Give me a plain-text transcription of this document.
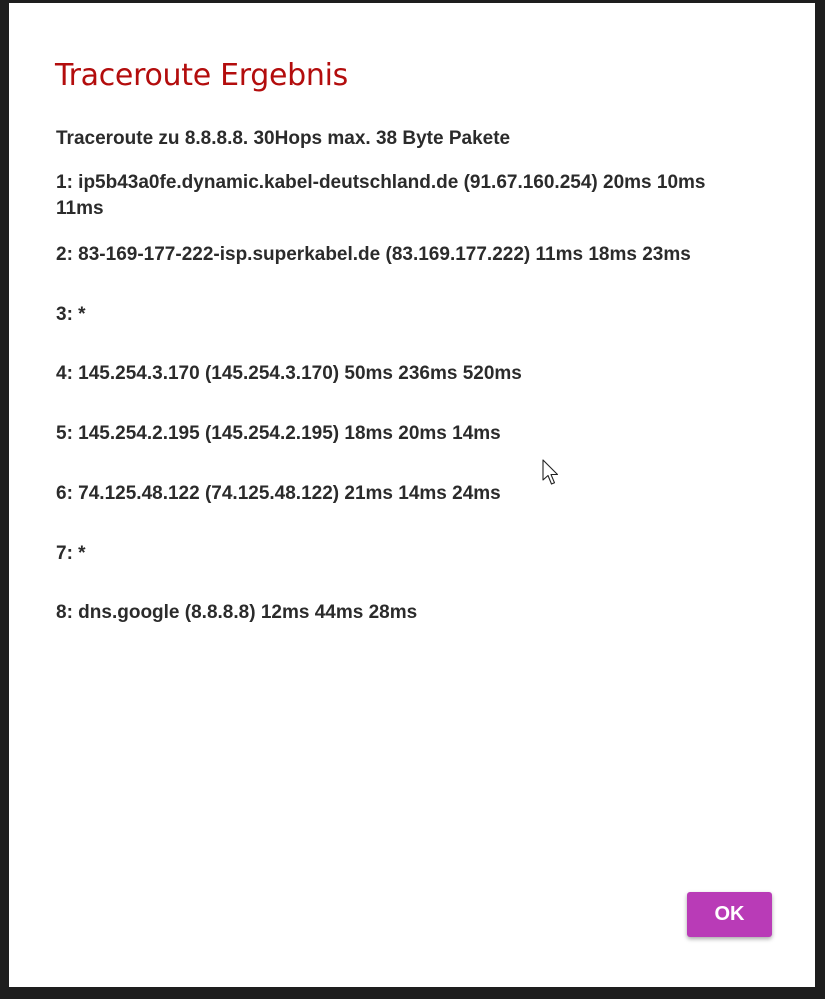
Traceroute Ergebnis

Traceroute zu 8.8.8.8. 30Hops max. 38 Byte Pakete

1: ip5b43a0fe.dynamic.kabel-deutschland.de (91.67.160.254) 20ms 10ms 11ms

2: 83-169-177-222-isp.superkabel.de (83.169.177.222) 11ms 18ms 23ms

3: *

4: 145.254.3.170 (145.254.3.170) 50ms 236ms 520ms

5: 145.254.2.195 (145.254.2.195) 18ms 20ms 14ms

6: 74.125.48.122 (74.125.48.122) 21ms 14ms 24ms

7: *

8: dns.google (8.8.8.8) 12ms 44ms 28ms

OK
